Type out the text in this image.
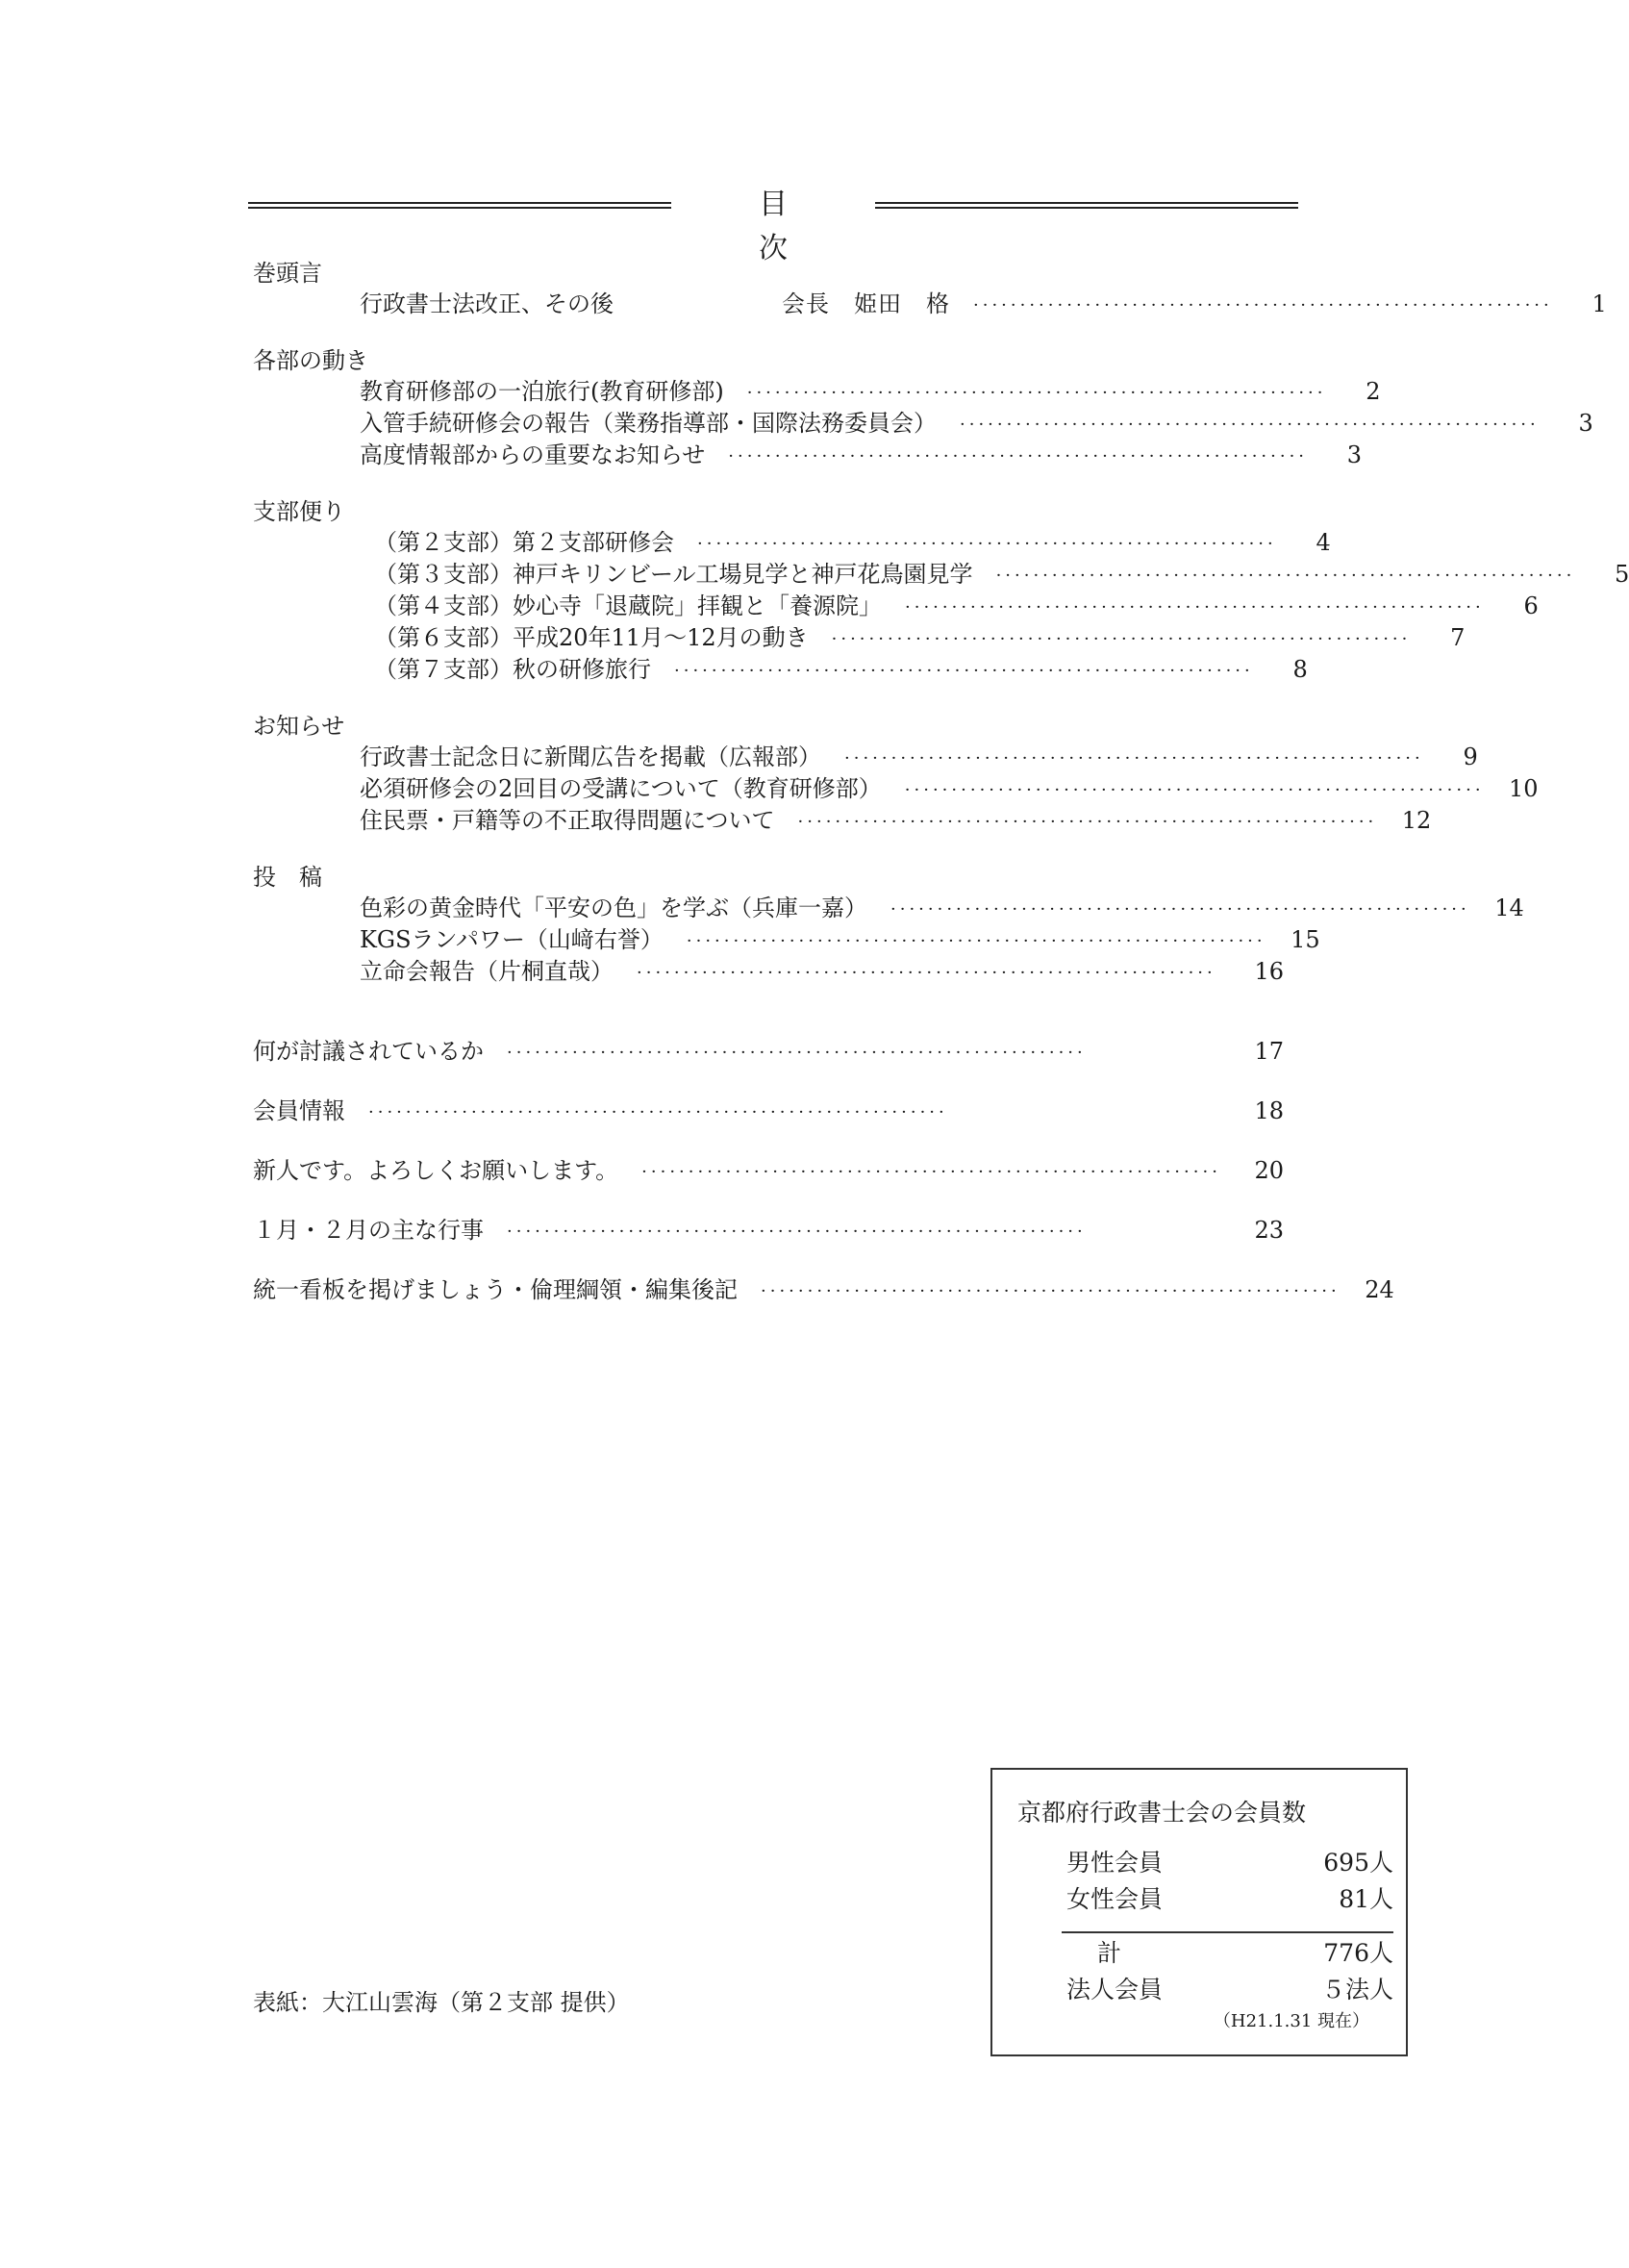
目　次
巻頭言
行政書士法改正、その後	会長　姫田　格 ······························································	1
各部の動き
教育研修部の一泊旅行(教育研修部) ······························································	2
入管手続研修会の報告（業務指導部・国際法務委員会） ······························································	3
高度情報部からの重要なお知らせ ······························································	3
支部便り
（第２支部）第２支部研修会 ······························································	4
（第３支部）神戸キリンビール工場見学と神戸花鳥園見学 ······························································	5
（第４支部）妙心寺「退蔵院」拝観と「養源院」 ······························································	6
（第６支部）平成20年11月～12月の動き ······························································	7
（第７支部）秋の研修旅行 ······························································	8
お知らせ
行政書士記念日に新聞広告を掲載（広報部） ······························································	9
必須研修会の2回目の受講について（教育研修部） ······························································ 10
住民票・戸籍等の不正取得問題について ······························································ 12
投　稿
色彩の黄金時代「平安の色」を学ぶ（兵庫一嘉） ······························································ 14
KGSランパワー（山﨑右誉） ······························································ 15
立命会報告（片桐直哉） ······························································	16
何が討議されているか ······························································	17
会員情報 ······························································	18
新人です。よろしくお願いします。 ······························································	20
１月・２月の主な行事 ······························································	23
統一看板を掲げましょう・倫理綱領・編集後記 ······························································ 24
表紙：大江山雲海（第２支部 提供）
京都府行政書士会の会員数
男性会員	695人
女性会員	81人
計	776人
法人会員	５法人
（H21.1.31 現在）
